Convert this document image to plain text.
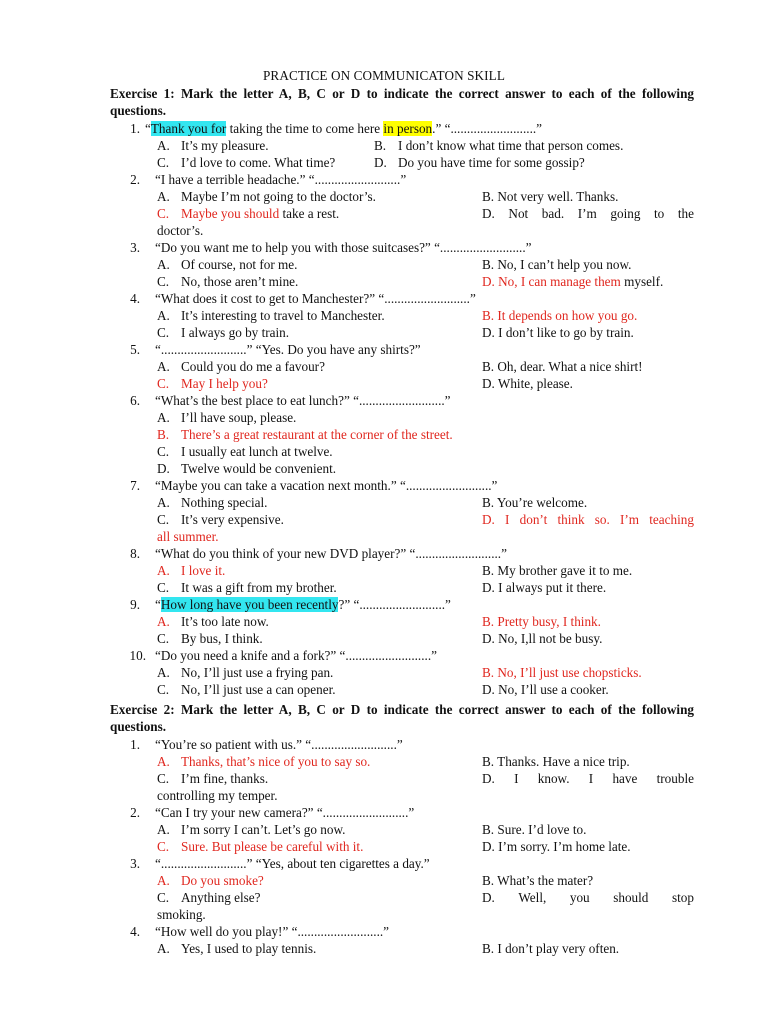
PRACTICE ON COMMUNICATON SKILL
Exercise 1: Mark the letter A, B, C or D to indicate the correct answer to each of the following questions.
1. “Thank you for taking the time to come here in person.” “..........................”
A. It’s my pleasure.	B. I don’t know what time that person comes.
C. I’d love to come. What time?	D. Do you have time for some gossip?
2. “I have a terrible headache.” “..........................”
A. Maybe I’m not going to the doctor’s.	B. Not very well. Thanks.
C. Maybe you should take a rest.	D. Not bad. I’m going to the
doctor’s.
3. “Do you want me to help you with those suitcases?” “..........................”
A. Of course, not for me.	B. No, I can’t help you now.
C. No, those aren’t mine.	D. No, I can manage them myself.
4. “What does it cost to get to Manchester?” “..........................”
A. It’s interesting to travel to Manchester.	B. It depends on how you go.
C. I always go by train.	D. I don’t like to go by train.
5. “..........................” “Yes. Do you have any shirts?”
A. Could you do me a favour?	B. Oh, dear. What a nice shirt!
C. May I help you?	D. White, please.
6. “What’s the best place to eat lunch?” “..........................”
A. I’ll have soup, please.
B. There’s a great restaurant at the corner of the street.
C. I usually eat lunch at twelve.
D. Twelve would be convenient.
7. “Maybe you can take a vacation next month.” “..........................”
A. Nothing special.	B. You’re welcome.
C. It’s very expensive.	D. I don’t think so. I’m teaching
all summer.
8. “What do you think of your new DVD player?” “..........................”
A. I love it.	B. My brother gave it to me.
C. It was a gift from my brother.	D. I always put it there.
9. “How long have you been recently?” “..........................”
A. It’s too late now.	B. Pretty busy, I think.
C. By bus, I think.	D. No, I,ll not be busy.
10. “Do you need a knife and a fork?” “..........................”
A. No, I’ll just use a frying pan.	B. No, I’ll just use chopsticks.
C. No, I’ll just use a can opener.	D. No, I’ll use a cooker.
Exercise 2: Mark the letter A, B, C or D to indicate the correct answer to each of the following questions.
1. “You’re so patient with us.” “..........................”
A. Thanks, that’s nice of you to say so.	B. Thanks. Have a nice trip.
C. I’m fine, thanks.	D. I know. I have trouble
controlling my temper.
2. “Can I try your new camera?” “..........................”
A. I’m sorry I can’t. Let’s go now.	B. Sure. I’d love to.
C. Sure. But please be careful with it.	D. I’m sorry. I’m home late.
3. “..........................” “Yes, about ten cigarettes a day.”
A. Do you smoke?	B. What’s the mater?
C. Anything else?	D. Well, you should stop
smoking.
4. “How well do you play!” “..........................”
A. Yes, I used to play tennis.	B. I don’t play very often.
